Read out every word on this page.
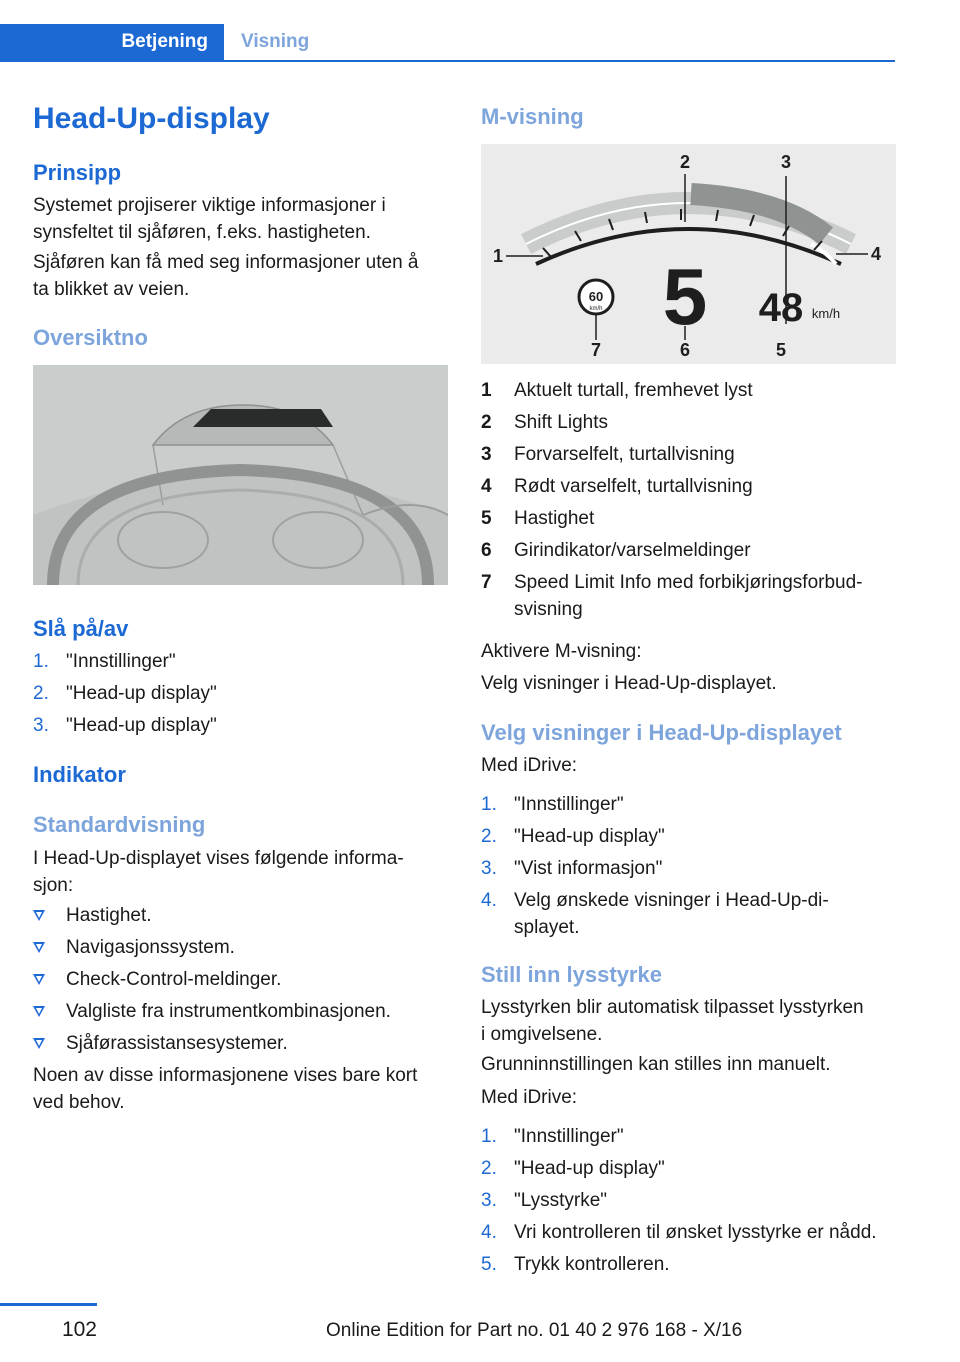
Betjening Visning
Head-Up-display
Prinsipp
Systemet projiserer viktige informasjoner i
synsfeltet til sjåføren, f.eks. hastigheten.
Sjåføren kan få med seg informasjoner uten å
ta blikket av veien.
Oversiktno
Slå på/av
1. "Innstillinger"
2. "Head-up display"
3. "Head-up display"
Indikator
Standardvisning
I Head-Up-displayet vises følgende informa‐
sjon:
Hastighet.
Navigasjonssystem.
Check-Control-meldinger.
Valgliste fra instrumentkombinasjonen.
Sjåførassistansesystemer.
Noen av disse informasjonene vises bare kort
ved behov.
M-visning
60
km/h 5 48 km/h
1
2	3
4
5
6
7
1 Aktuelt turtall, fremhevet lyst
2 Shift Lights
3 Forvarselfelt, turtallvisning
4 Rødt varselfelt, turtallvisning
5 Hastighet
6 Girindikator/varselmeldinger
7 Speed Limit Info med forbikjøringsforbud‐
svisning
Aktivere M-visning:
Velg visninger i Head-Up-displayet.
Velg visninger i Head-Up-displayet
Med iDrive:
1. "Innstillinger"
2. "Head-up display"
3. "Vist informasjon"
4. Velg ønskede visninger i Head-Up-di‐
splayet.
Still inn lysstyrke
Lysstyrken blir automatisk tilpasset lysstyrken
i omgivelsene.
Grunninnstillingen kan stilles inn manuelt.
Med iDrive:
1. "Innstillinger"
2. "Head-up display"
3. "Lysstyrke"
4. Vri kontrolleren til ønsket lysstyrke er nådd.
5. Trykk kontrolleren.
102	Online Edition for Part no. 01 40 2 976 168 - X/16
